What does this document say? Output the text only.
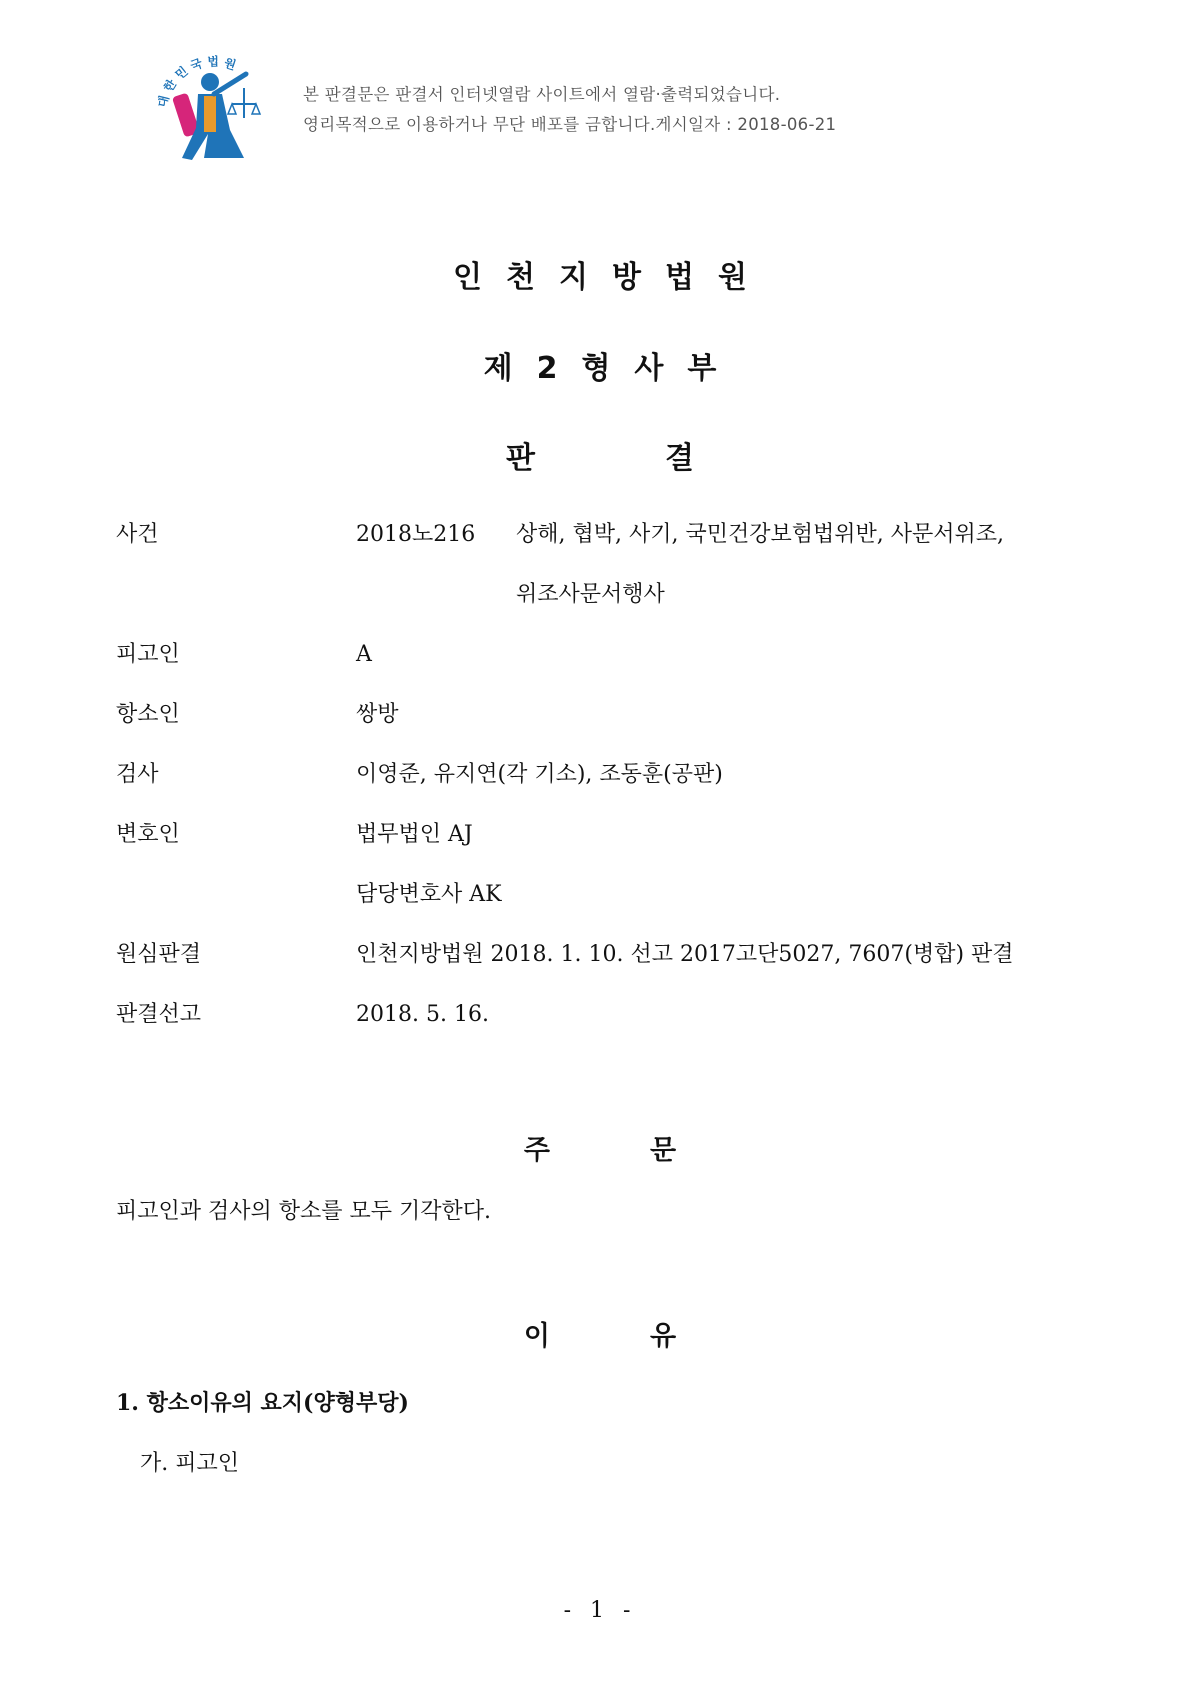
대 한 민 국 법 원
본 판결문은 판결서 인터넷열람 사이트에서 열람·출력되었습니다.
영리목적으로 이용하거나 무단 배포를 금합니다.게시일자 : 2018-06-21
인천지방법원
제2형사부
판결
사건	2018노216 상해, 협박, 사기, 국민건강보험법위반, 사문서위조,
위조사문서행사
피고인	A
항소인	쌍방
검사	이영준, 유지연(각 기소), 조동훈(공판)
변호인	법무법인 AJ
담당변호사 AK
원심판결	인천지방법원 2018. 1. 10. 선고 2017고단5027, 7607(병합) 판결
판결선고	2018. 5. 16.
주문
피고인과 검사의 항소를 모두 기각한다.
이유
1. 항소이유의 요지(양형부당)
가. 피고인
- 1 -
